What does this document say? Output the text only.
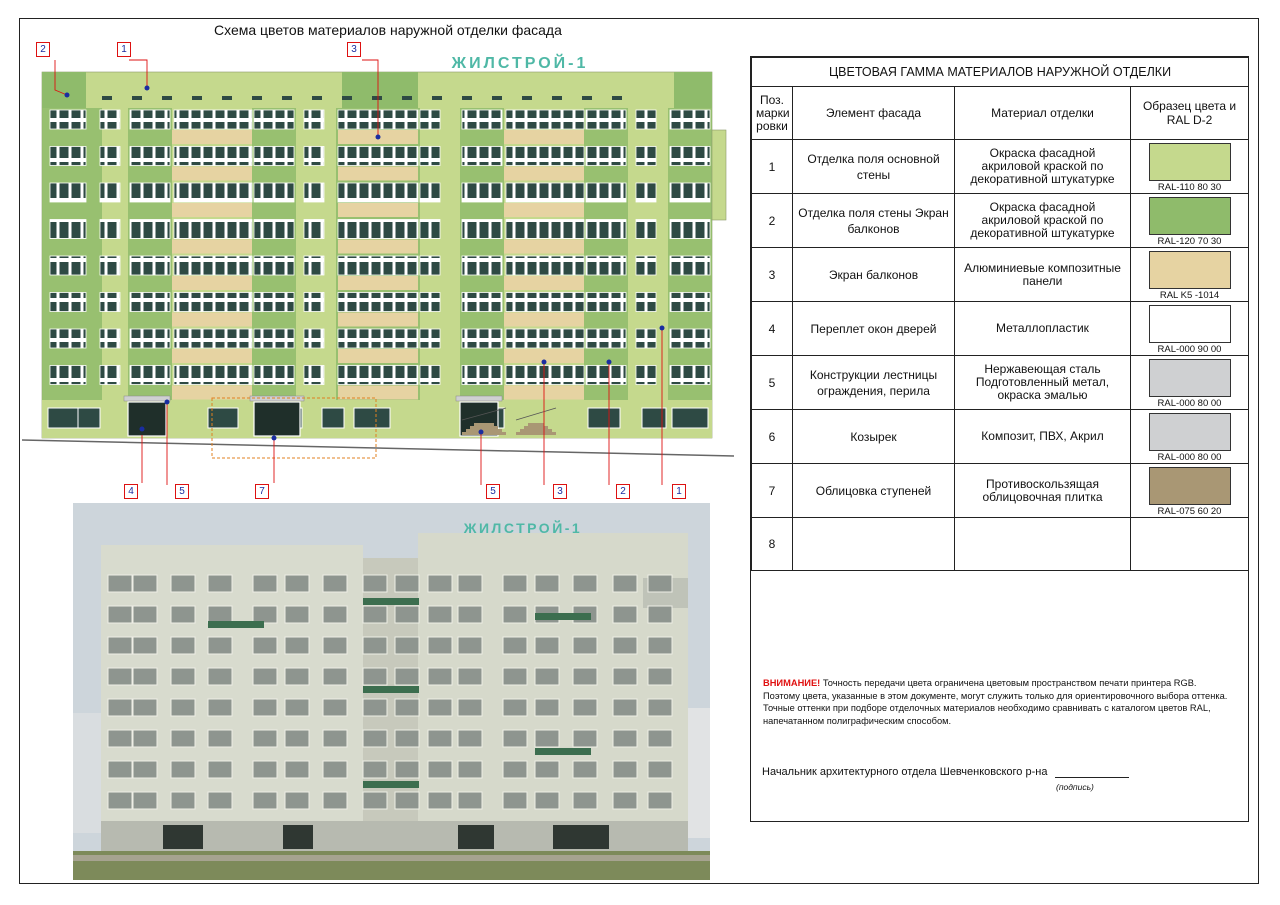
Схема цветов материалов наружной отделки фасада
ЖИЛСТРОЙ-1
ЖИЛСТРОЙ-1
2	1	3
4	5	7	5	3	2	1
ЦВЕТОВАЯ ГАММА МАТЕРИАЛОВ НАРУЖНОЙ ОТДЕЛКИ			
Поз. марки ровки	Элемент фасада	Материал отделки	Образец цвета и RAL D-2
1	Отделка поля основной стены	Окраска фасадной акриловой краской по декоративной штукатурке	RAL-110 80 30

2	Отделка поля стены Экран балконов	Окраска фасадной акриловой краской по декоративной штукатурке	RAL-120 70 30

3	Экран балконов	Алюминиевые композитные панели	RAL K5 -1014

4	Переплет окон дверей	Металлопластик	RAL-000 90 00

5	Конструкции лестницы ограждения, перила	Нержавеющая сталь Подготовленный метал, окраска эмалью	RAL-000 80 00

6	Козырек	Композит, ПВХ, Акрил	RAL-000 80 00

7	Облицовка ступеней	Противоскользящая облицовочная плитка	RAL-075 60 20

8			
ВНИМАНИЕ! Точность передачи цвета ограничена цветовым пространством печати принтера RGB.
Поэтому цвета, указанные в этом документе, могут служить только для ориентировочного выбора оттенка.
Точные оттенки при подборе отделочных материалов необходимо сравнивать с каталогом цветов RAL,
напечатанном полиграфическим способом.
Начальник архитектурного отдела Шевченковского р-на
(подпись)
